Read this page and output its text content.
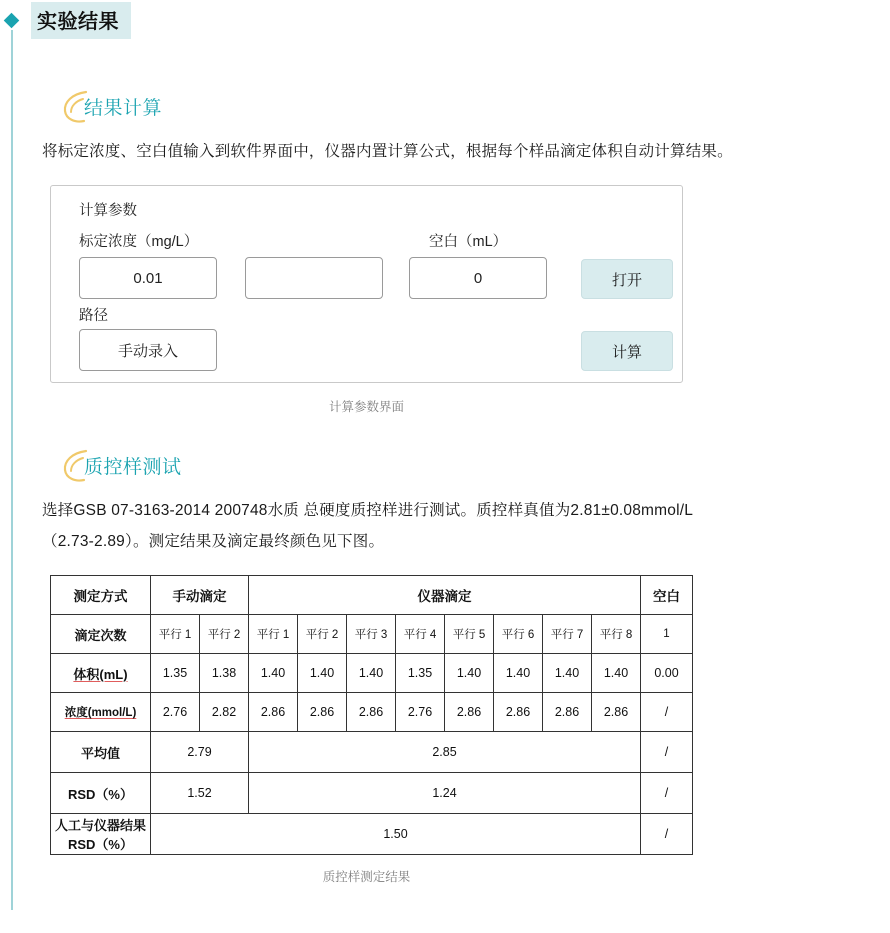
实验结果
结果计算

将标定浓度、空白值输入到软件界面中，仪器内置计算公式，根据每个样品滴定体积自动计算结果。

计算参数
标定浓度（mg/L）	空白（mL）
路径
0.01	0
手动录入
打开
计算
计算参数界面
质控样测试

选择GSB 07-3163-2014 200748水质 总硬度质控样进行测试。质控样真值为2.81±0.08mmol/L （2.73-2.89）。测定结果及滴定最终颜色见下图。

测定方式	手动滴定		仪器滴定								空白
滴定次数	平行 1	平行 2	平行 1	平行 2	平行 3	平行 4	平行 5	平行 6	平行 7	平行 8	1
体积(mL)	1.35	1.38	1.40	1.40	1.40	1.35	1.40	1.40	1.40	1.40	0.00
浓度(mmol/L)	2.76	2.82	2.86	2.86	2.86	2.76	2.86	2.86	2.86	2.86	/
平均值	2.79		2.85								/
RSD（%）	1.52		1.24								/
人工与仪器结果 RSD（%）	1.50										/
质控样测定结果
